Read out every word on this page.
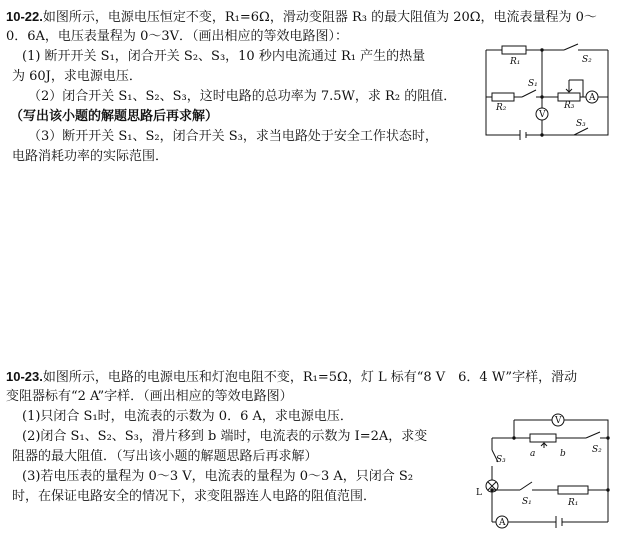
10-22.如图所示，电源电压恒定不变，R₁=6Ω，滑动变阻器 R₃ 的最大阻值为 20Ω，电流表量程为 0～
0．6A，电压表量程为 0～3V．（画出相应的等效电路图）：
(1) 断开开关 S₁，闭合开关 S₂、S₃，10 秒内电流通过 R₁ 产生的热量
为 60J，求电源电压．
（2）闭合开关 S₁、S₂、S₃，这时电路的总功率为 7.5W，求 R₂ 的阻值．
（写出该小题的解题思路后再求解）
（3）断开开关 S₁、S₂，闭合开关 S₃，求当电路处于安全工作状态时，
电路消耗功率的实际范围．
R₁
R₂	R₃
S₁
S₂
S₃
A
V
10-23.如图所示，电路的电源电压和灯泡电阻不变，R₁=5Ω，灯 L 标有“8 V　6．4 W”字样，滑动
变阻器标有“2 A”字样．（画出相应的等效电路图）
(1)只闭合 S₁时，电流表的示数为 0．6 A，求电源电压．
(2)闭合 S₁、S₂、S₃，滑片移到 b 端时，电流表的示数为 I=2A，求变
阻器的最大阻值．（写出该小题的解题思路后再求解）
(3)若电压表的量程为 0～3 V，电流表的量程为 0～3 A，只闭合 S₂
时，在保证电路安全的情况下，求变阻器连人电路的阻值范围．
S₃
S₂
S₁	R₁
a	b
L
A
V
